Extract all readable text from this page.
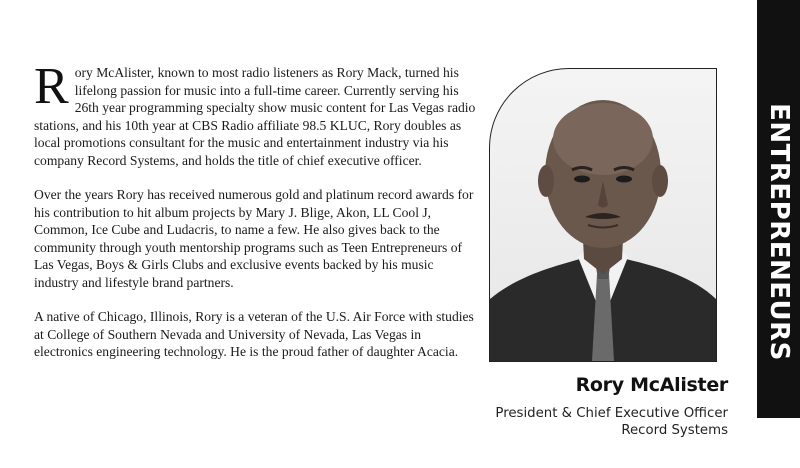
Rory McAlister, known to most radio listeners as Rory Mack, turned his lifelong passion for music into a full-time career. Currently serving his 26th year programming specialty show music content for Las Vegas radio stations, and his 10th year at CBS Radio affiliate 98.5 KLUC, Rory doubles as local promotions consultant for the music and entertainment industry via his company Record Systems, and holds the title of chief executive officer.

Over the years Rory has received numerous gold and platinum record awards for his contribution to hit album projects by Mary J. Blige, Akon, LL Cool J, Common, Ice Cube and Ludacris, to name a few. He also gives back to the community through youth mentorship programs such as Teen Entrepreneurs of Las Vegas, Boys & Girls Clubs and exclusive events backed by his music industry and lifestyle brand partners.

A native of Chicago, Illinois, Rory is a veteran of the U.S. Air Force with studies at College of Southern Nevada and University of Nevada, Las Vegas in electronics engineering technology. He is the proud father of daughter Acacia.

Rory McAlister
President & Chief Executive Officer
Record Systems
ENTREPRENEURS
